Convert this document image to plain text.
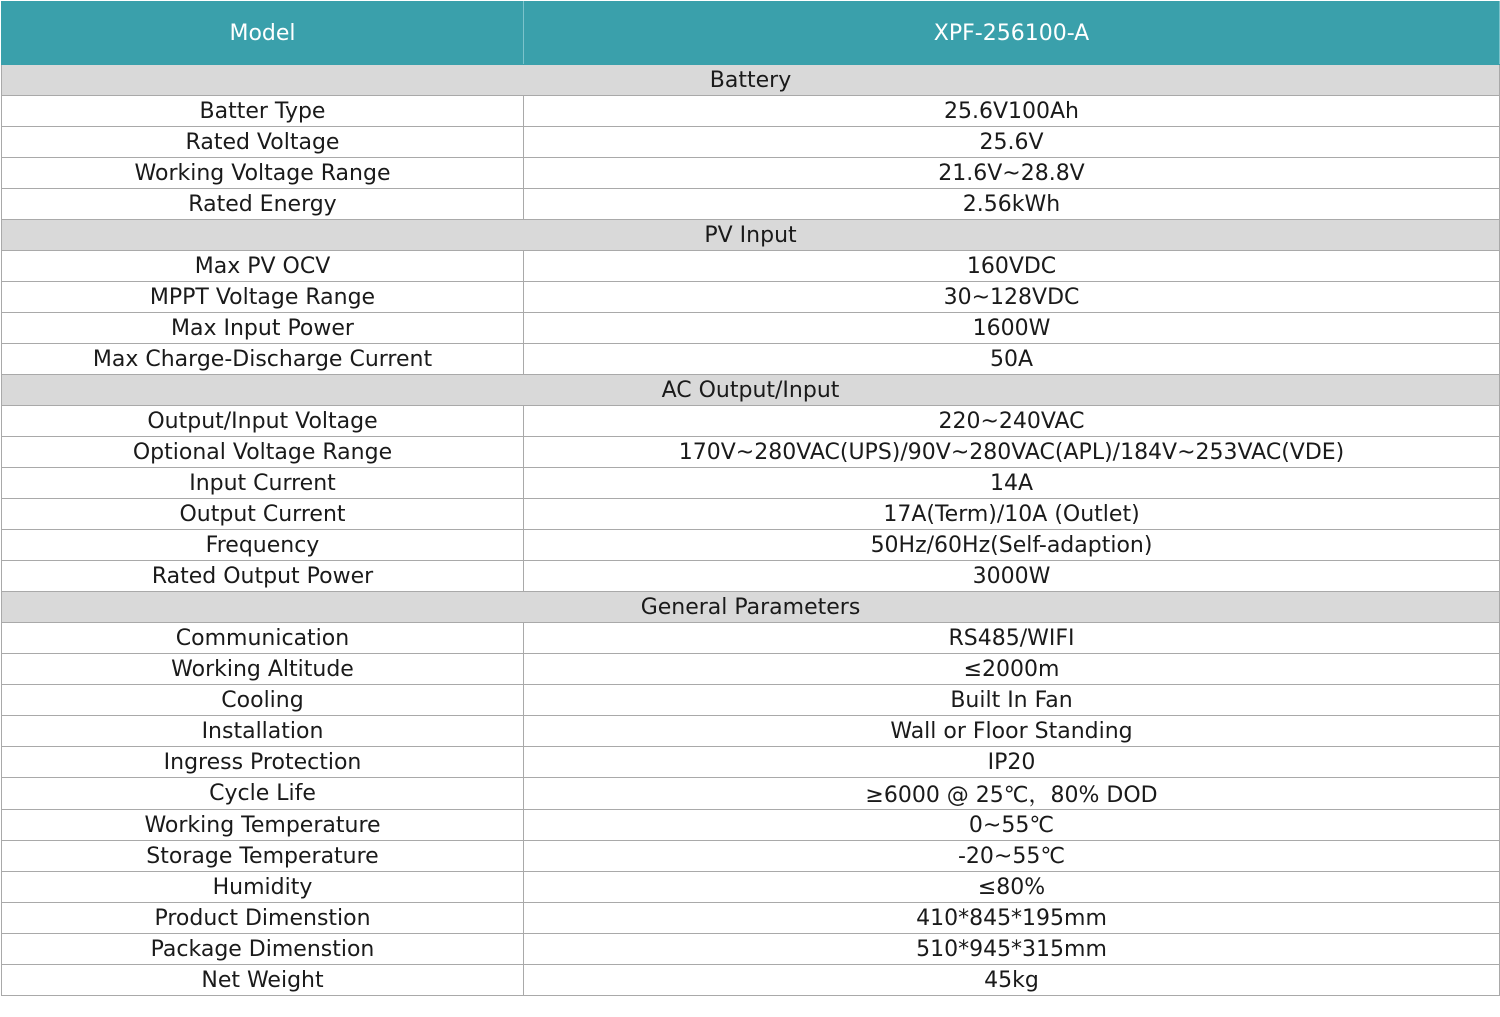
Model	XPF-256100-A
Battery	
Batter Type	25.6V100Ah
Rated Voltage	25.6V
Working Voltage Range	21.6V~28.8V
Rated Energy	2.56kWh
PV Input	
Max PV OCV	160VDC
MPPT Voltage Range	30~128VDC
Max Input Power	1600W
Max Charge-Discharge Current	50A
AC Output/Input	
Output/Input Voltage	220~240VAC
Optional Voltage Range	170V~280VAC(UPS)/90V~280VAC(APL)/184V~253VAC(VDE)
Input Current	14A
Output Current	17A(Term)/10A (Outlet)
Frequency	50Hz/60Hz(Self-adaption)
Rated Output Power	3000W
General Parameters	
Communication	RS485/WIFI
Working Altitude	≤2000m
Cooling	Built In Fan
Installation	Wall or Floor Standing
Ingress Protection	IP20
Cycle Life	≥6000 @ 25℃，80% DOD
Working Temperature	0~55℃
Storage Temperature	-20~55℃
Humidity	≤80%
Product Dimenstion	410*845*195mm
Package Dimenstion	510*945*315mm
Net Weight	45kg
